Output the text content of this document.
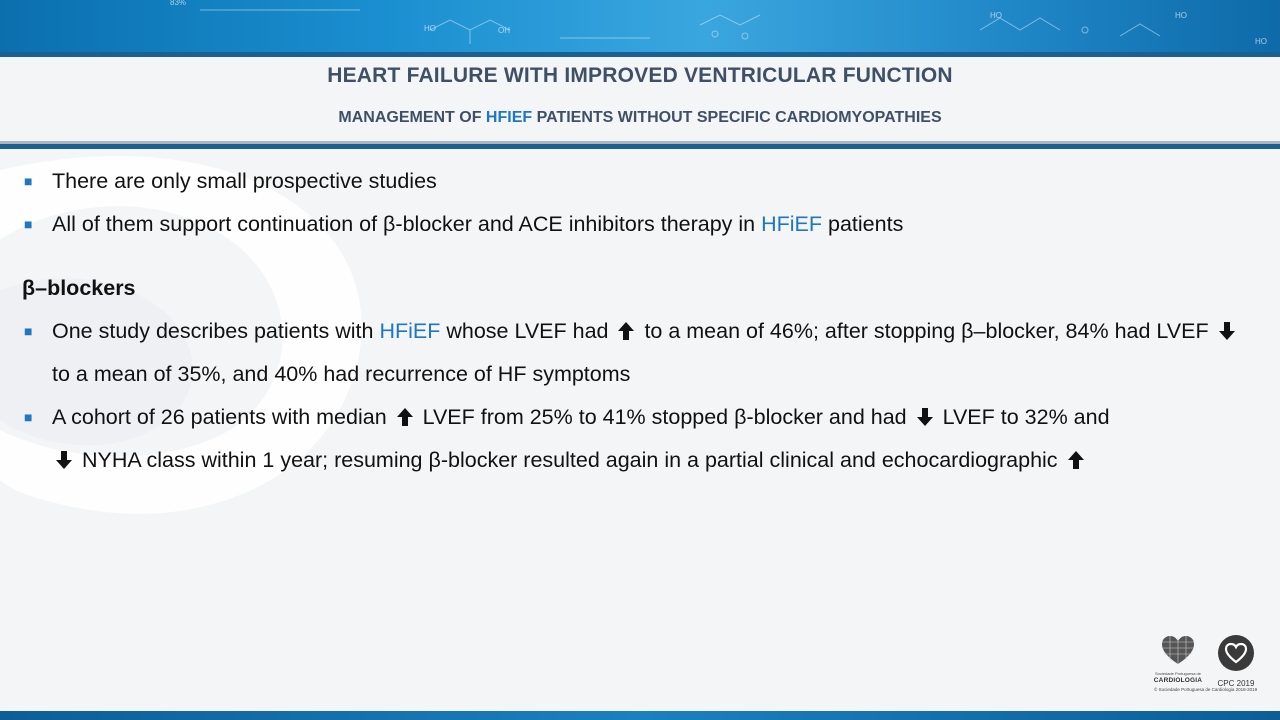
HO	OH
HO	HO
HO
83%
HEART FAILURE WITH IMPROVED VENTRICULAR FUNCTION
MANAGEMENT OF HFIEF PATIENTS WITHOUT SPECIFIC CARDIOMYOPATHIES
■ There are only small prospective studies
■ All of them support continuation of β-blocker and ACE inhibitors therapy in HFiEF patients
β–blockers
■ One study describes patients with HFiEF whose LVEF had  to a mean of 46%; after stopping β–blocker, 84% had LVEF  to a mean of 35%, and 40% had recurrence of HF symptoms
■ A cohort of 26 patients with median  LVEF from 25% to 41% stopped β-blocker and had  LVEF to 32% and
NYHA class within 1 year; resuming β-blocker resulted again in a partial clinical and echocardiographic
Sociedade Portuguesa de
CARDIOLOGIA	CPC 2019
© Sociedade Portuguesa de Cardiologia 2018-2019
